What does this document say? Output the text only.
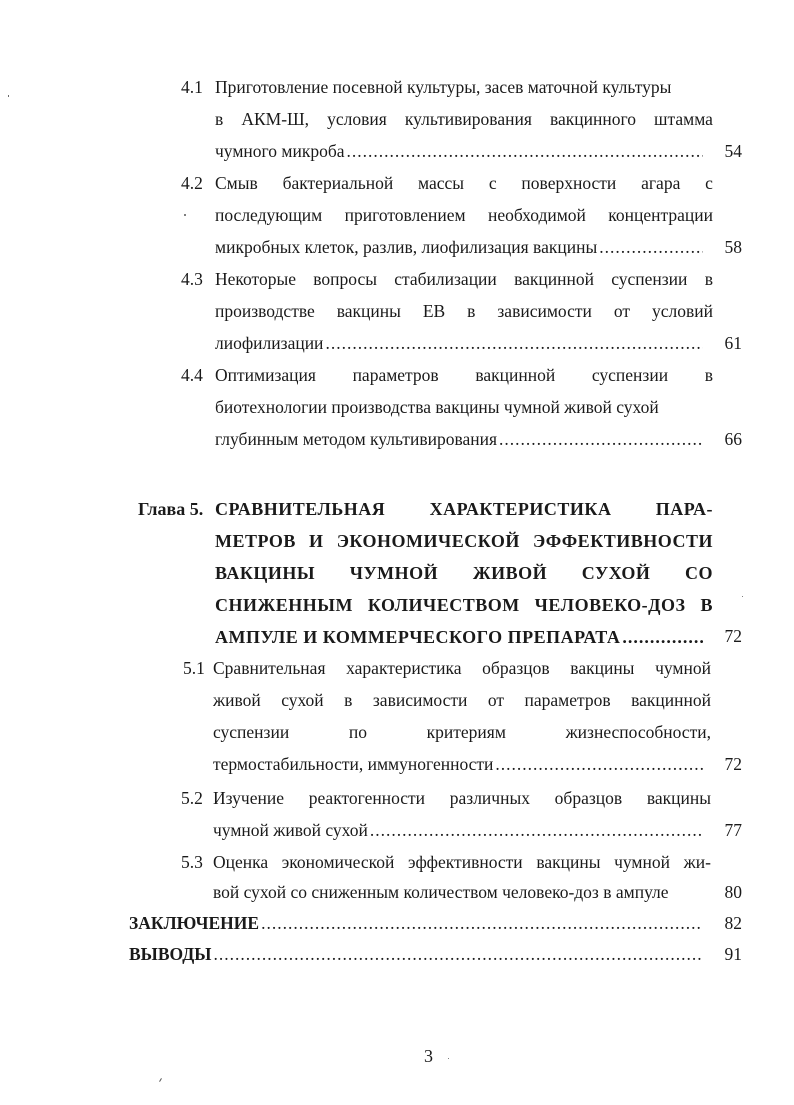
4.1 Приготовление посевной культуры, засев маточной культуры
в АКМ-Ш, условия культивирования вакцинного штамма
чумного микроба .....	54
4.2 Смыв бактериальной массы с поверхности агара с
последующим приготовлением необходимой концентрации
микробных клеток, разлив, лиофилизация вакцины .....	58
4.3 Некоторые вопросы стабилизации вакцинной суспензии в
производстве вакцины ЕВ в зависимости от условий
лиофилизации .....	61
4.4 Оптимизация параметров вакцинной суспензии в
биотехнологии производства вакцины чумной живой сухой
глубинным методом культивирования .....	66
Глава 5. СРАВНИТЕЛЬНАЯ ХАРАКТЕРИСТИКА ПАРА-
МЕТРОВ И ЭКОНОМИЧЕСКОЙ ЭФФЕКТИВНОСТИ
ВАКЦИНЫ ЧУМНОЙ ЖИВОЙ СУХОЙ СО
СНИЖЕННЫМ КОЛИЧЕСТВОМ ЧЕЛОВЕКО-ДОЗ В
АМПУЛЕ И КОММЕРЧЕСКОГО ПРЕПАРАТА .....	72
5.1 Сравнительная характеристика образцов вакцины чумной
живой сухой в зависимости от параметров вакцинной
суспензии	по	критериям	жизнеспособности,
термостабильности, иммуногенности .....	72
5.2 Изучение реактогенности различных образцов вакцины
чумной живой сухой .....	77
5.3 Оценка экономической эффективности вакцины чумной жи-
вой сухой со сниженным количеством человеко-доз в ампуле	80
ЗАКЛЮЧЕНИЕ .....	82
ВЫВОДЫ .....	91
3
